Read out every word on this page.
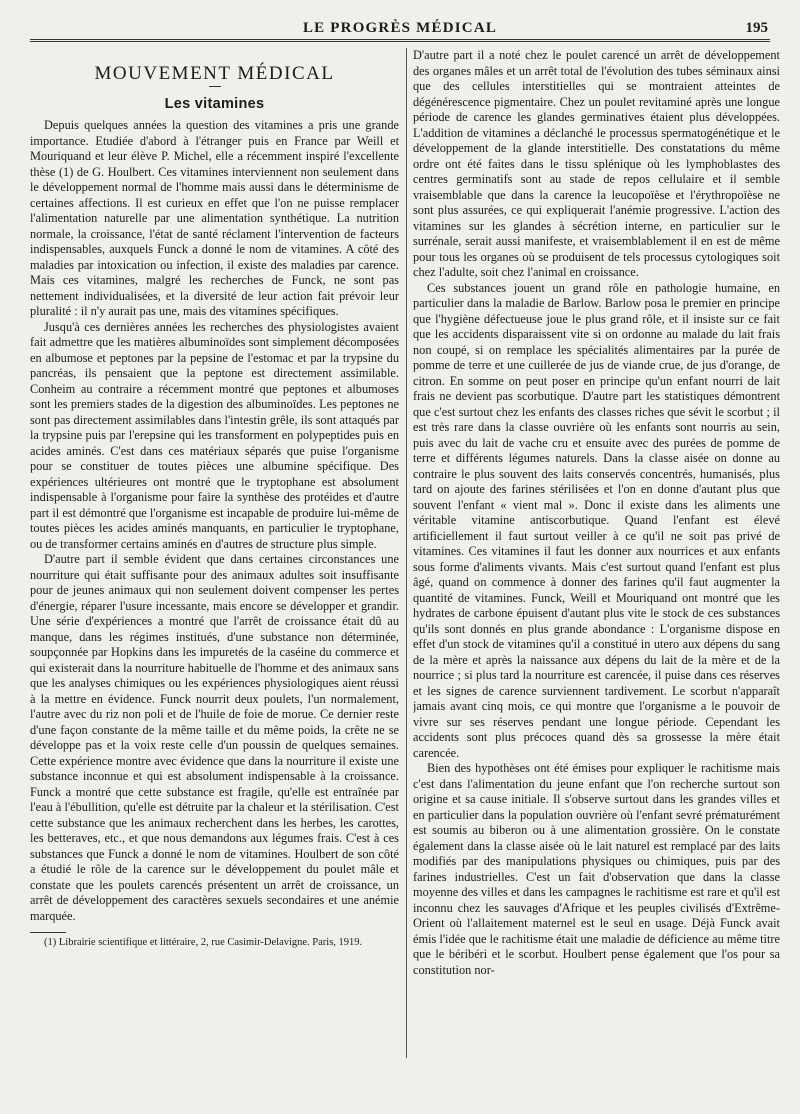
LE PROGRÈS MÉDICAL	195
MOUVEMENT MÉDICAL
Les vitamines

Depuis quelques années la question des vitamines a pris une grande importance. Etudiée d'abord à l'étranger puis en France par Weill et Mouriquand et leur élève P. Michel, elle a récemment inspiré l'excellente thèse (1) de G. Houlbert. Ces vitamines interviennent non seulement dans le développement normal de l'homme mais aussi dans le déterminisme de certaines affections. Il est curieux en effet que l'on ne puisse remplacer l'alimentation naturelle par une alimentation synthétique. La nutrition normale, la croissance, l'état de santé réclament l'intervention de facteurs indispensables, auxquels Funck a donné le nom de vitamines. A côté des maladies par intoxication ou infection, il existe des maladies par carence. Mais ces vitamines, malgré les recherches de Funck, ne sont pas nettement individualisées, et la diversité de leur action fait prévoir leur pluralité : il n'y aurait pas une, mais des vitamines spécifiques.

Jusqu'à ces dernières années les recherches des physiologistes avaient fait admettre que les matières albuminoïdes sont simplement décomposées en albumose et peptones par la pepsine de l'estomac et par la trypsine du pancréas, ils pensaient que la peptone est directement assimilable. Conheim au contraire a récemment montré que peptones et albumoses sont les premiers stades de la digestion des albuminoïdes. Les peptones ne sont pas directement assimilables dans l'intestin grêle, ils sont attaqués par la trypsine puis par l'erepsine qui les transforment en polypeptides puis en acides aminés. C'est dans ces matériaux séparés que puise l'organisme pour se constituer de toutes pièces une albumine spécifique. Des expériences ultérieures ont montré que le tryptophane est absolument indispensable à l'organisme pour faire la synthèse des protéides et d'autre part il est démontré que l'organisme est incapable de produire lui-même de toutes pièces les acides aminés manquants, en particulier le tryptophane, ou de transformer certains aminés en d'autres de structure plus simple.

D'autre part il semble évident que dans certaines circonstances une nourriture qui était suffisante pour des animaux adultes soit insuffisante pour de jeunes animaux qui non seulement doivent compenser les pertes d'énergie, réparer l'usure incessante, mais encore se développer et grandir. Une série d'expériences a montré que l'arrêt de croissance était dû au manque, dans les régimes institués, d'une substance non déterminée, soupçonnée par Hopkins dans les impuretés de la caséine du commerce et qui existerait dans la nourriture habituelle de l'homme et des animaux sans que les analyses chimiques ou les expériences physiologiques aient réussi à la mettre en évidence. Funck nourrit deux poulets, l'un normalement, l'autre avec du riz non poli et de l'huile de foie de morue. Ce dernier reste d'une façon constante de la même taille et du même poids, la crête ne se développe pas et la voix reste celle d'un poussin de quelques semaines. Cette expérience montre avec évidence que dans la nourriture il existe une substance inconnue et qui est absolument indispensable à la croissance. Funck a montré que cette substance est fragile, qu'elle est entraînée par l'eau à l'ébullition, qu'elle est détruite par la chaleur et la stérilisation. C'est cette substance que les animaux recherchent dans les herbes, les carottes, les betteraves, etc., et que nous demandons aux légumes frais. C'est à ces substances que Funck a donné le nom de vitamines. Houlbert de son côté a étudié le rôle de la carence sur le développement du poulet mâle et constate que les poulets carencés présentent un arrêt de croissance, un arrêt de développement des caractères sexuels secondaires et une anémie marquée.

(1) Librairie scientifique et littéraire, 2, rue Casimir-Delavigne. Paris, 1919.

D'autre part il a noté chez le poulet carencé un arrêt de développement des organes mâles et un arrêt total de l'évolution des tubes séminaux ainsi que des cellules interstitielles qui se montraient atteintes de dégénérescence pigmentaire. Chez un poulet revitaminé après une longue période de carence les glandes germinatives étaient plus développées. L'addition de vitamines a déclanché le processus spermatogénétique et le développement de la glande interstitielle. Des constatations du même ordre ont été faites dans le tissu splénique où les lymphoblastes des centres germinatifs sont au stade de repos cellulaire et il semble vraisemblable que dans la carence la leucopoïèse et l'érythropoïèse ne sont plus assurées, ce qui expliquerait l'anémie progressive. L'action des vitamines sur les glandes à sécrétion interne, en particulier sur le surrénale, serait aussi manifeste, et vraisemblablement il en est de même pour tous les organes où se produisent de tels processus cytologiques soit chez l'adulte, soit chez l'animal en croissance.

Ces substances jouent un grand rôle en pathologie humaine, en particulier dans la maladie de Barlow. Barlow posa le premier en principe que l'hygiène défectueuse joue le plus grand rôle, et il insiste sur ce fait que les accidents disparaissent vite si on ordonne au malade du lait frais non coupé, si on remplace les spécialités alimentaires par la purée de pomme de terre et une cuillerée de jus de viande crue, de jus d'orange, de citron. En somme on peut poser en principe qu'un enfant nourri de lait frais ne devient pas scorbutique. D'autre part les statistiques démontrent que c'est surtout chez les enfants des classes riches que sévit le scorbut ; il est très rare dans la classe ouvrière où les enfants sont nourris au sein, puis avec du lait de vache cru et ensuite avec des purées de pomme de terre et différents légumes naturels. Dans la classe aisée on donne au contraire le plus souvent des laits conservés concentrés, humanisés, plus tard on ajoute des farines stérilisées et l'on en donne d'autant plus que souvent l'enfant « vient mal ». Donc il existe dans les aliments une véritable vitamine antiscorbutique. Quand l'enfant est élevé artificiellement il faut surtout veiller à ce qu'il ne soit pas privé de vitamines. Ces vitamines il faut les donner aux nourrices et aux enfants sous forme d'aliments vivants. Mais c'est surtout quand l'enfant est plus âgé, quand on commence à donner des farines qu'il faut augmenter la quantité de vitamines. Funck, Weill et Mouriquand ont montré que les hydrates de carbone épuisent d'autant plus vite le stock de ces substances qu'ils sont donnés en plus grande abondance : L'organisme dispose en effet d'un stock de vitamines qu'il a constitué in utero aux dépens du sang de la mère et après la naissance aux dépens du lait de la mère et de la nourrice ; si plus tard la nourriture est carencée, il puise dans ces réserves et les signes de carence surviennent tardivement. Le scorbut n'apparaît jamais avant cinq mois, ce qui montre que l'organisme a le pouvoir de vivre sur ses réserves pendant une longue période. Cependant les accidents sont plus précoces quand dès sa grossesse la mère était carencée.

Bien des hypothèses ont été émises pour expliquer le rachitisme mais c'est dans l'alimentation du jeune enfant que l'on recherche surtout son origine et sa cause initiale. Il s'observe surtout dans les grandes villes et en particulier dans la population ouvrière où l'enfant sevré prématurément est soumis au biberon ou à une alimentation grossière. On le constate également dans la classe aisée où le lait naturel est remplacé par des laits modifiés par des manipulations physiques ou chimiques, puis par des farines industrielles. C'est un fait d'observation que dans la classe moyenne des villes et dans les campagnes le rachitisme est rare et qu'il est inconnu chez les sauvages d'Afrique et les peuples civilisés d'Extrême-Orient où l'allaitement maternel est le seul en usage. Déjà Funck avait émis l'idée que le rachitisme était une maladie de déficience au même titre que le béribéri et le scorbut. Houlbert pense également que l'os pour sa constitution nor-
